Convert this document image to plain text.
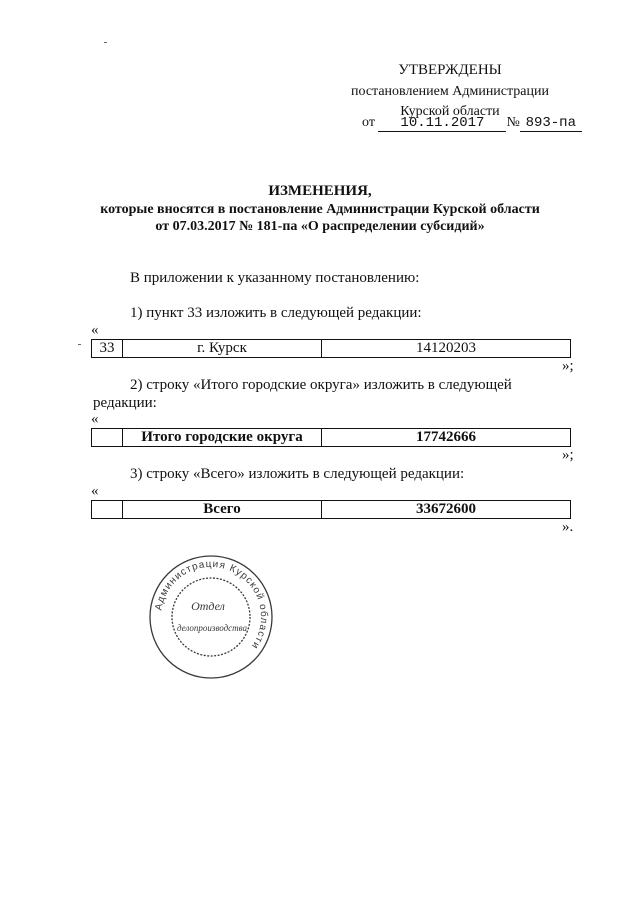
УТВЕРЖДЕНЫ
постановлением Администрации
Курской области
от 10.11.2017 № 893-па
ИЗМЕНЕНИЯ,
которые вносятся в постановление Администрации Курской области
от 07.03.2017 № 181-па «О распределении субсидий»
В приложении к указанному постановлению:
1) пункт 33 изложить в следующей редакции:
«
33	г. Курск	14120203
»;
2) строку «Итого городские округа» изложить в следующей
редакции:
«
	Итого городские округа	17742666
»;
3) строку «Всего» изложить в следующей редакции:
«
	Всего	33672600
».
Администрация Курской области
Отдел
делопроизводства
